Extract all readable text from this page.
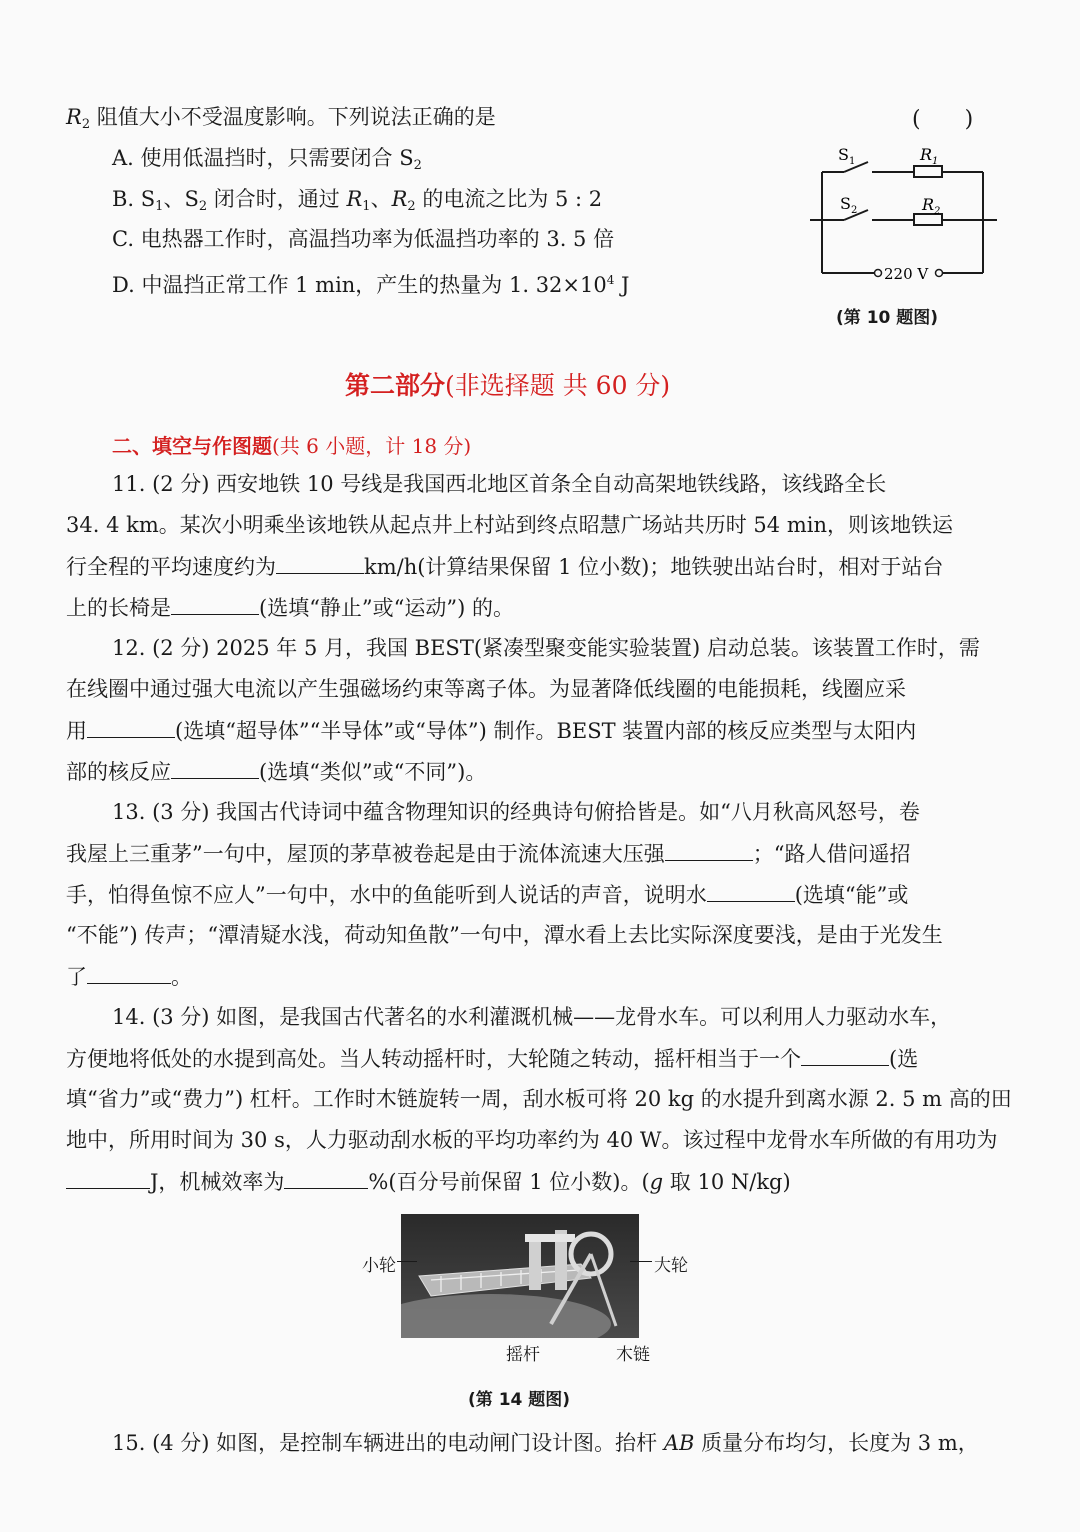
$R_2$ 阻值大小不受温度影响。下列说法正确的是	(　　)
A. 使用低温挡时，只需要闭合 $S_2$
B. $S_1$、$S_2$ 闭合时，通过 $R_1$、$R_2$ 的电流之比为 5 : 2
C. 电热器工作时，高温挡功率为低温挡功率的 3. 5 倍
D. 中温挡正常工作 1 min，产生的热量为 1. $32\times 10^4$ J
$S_1$	$R_1$
$S_2$	$R_2$
220 V
(第 10 题图)
第二部分(非选择题 共 60 分)
二、填空与作图题(共 6 小题，计 18 分)
11. (2 分) 西安地铁 10 号线是我国西北地区首条全自动高架地铁线路，该线路全长
34. 4 km。某次小明乘坐该地铁从起点井上村站到终点昭慧广场站共历时 54 min，则该地铁运
行全程的平均速度约为	km/h(计算结果保留 1 位小数)；地铁驶出站台时，相对于站台
上的长椅是	(选填“静止”或“运动”) 的。
12. (2 分) 2025 年 5 月，我国 BEST(紧凑型聚变能实验装置) 启动总装。该装置工作时，需
在线圈中通过强大电流以产生强磁场约束等离子体。为显著降低线圈的电能损耗，线圈应采
用	(选填“超导体”“半导体”或“导体”) 制作。BEST 装置内部的核反应类型与太阳内
部的核反应	(选填“类似”或“不同”)。
13. (3 分) 我国古代诗词中蕴含物理知识的经典诗句俯拾皆是。如“八月秋高风怒号，卷
我屋上三重茅”一句中，屋顶的茅草被卷起是由于流体流速大压强	；“路人借问遥招
手，怕得鱼惊不应人”一句中，水中的鱼能听到人说话的声音，说明水	(选填“能”或
“不能”) 传声；“潭清疑水浅，荷动知鱼散”一句中，潭水看上去比实际深度要浅，是由于光发生
了	。
14. (3 分) 如图，是我国古代著名的水利灌溉机械——龙骨水车。可以利用人力驱动水车，
方便地将低处的水提到高处。当人转动摇杆时，大轮随之转动，摇杆相当于一个	(选
填“省力”或“费力”) 杠杆。工作时木链旋转一周，刮水板可将 20 kg 的水提升到离水源 2. 5 m 高的田
地中，所用时间为 30 s，人力驱动刮水板的平均功率约为 40 W。该过程中龙骨水车所做的有用功为
J，机械效率为	%(百分号前保留 1 位小数)。(g 取 10 N/kg)
小轮	大轮
摇杆	木链
(第 14 题图)
15. (4 分) 如图，是控制车辆进出的电动闸门设计图。抬杆 AB 质量分布均匀，长度为 3 m，
